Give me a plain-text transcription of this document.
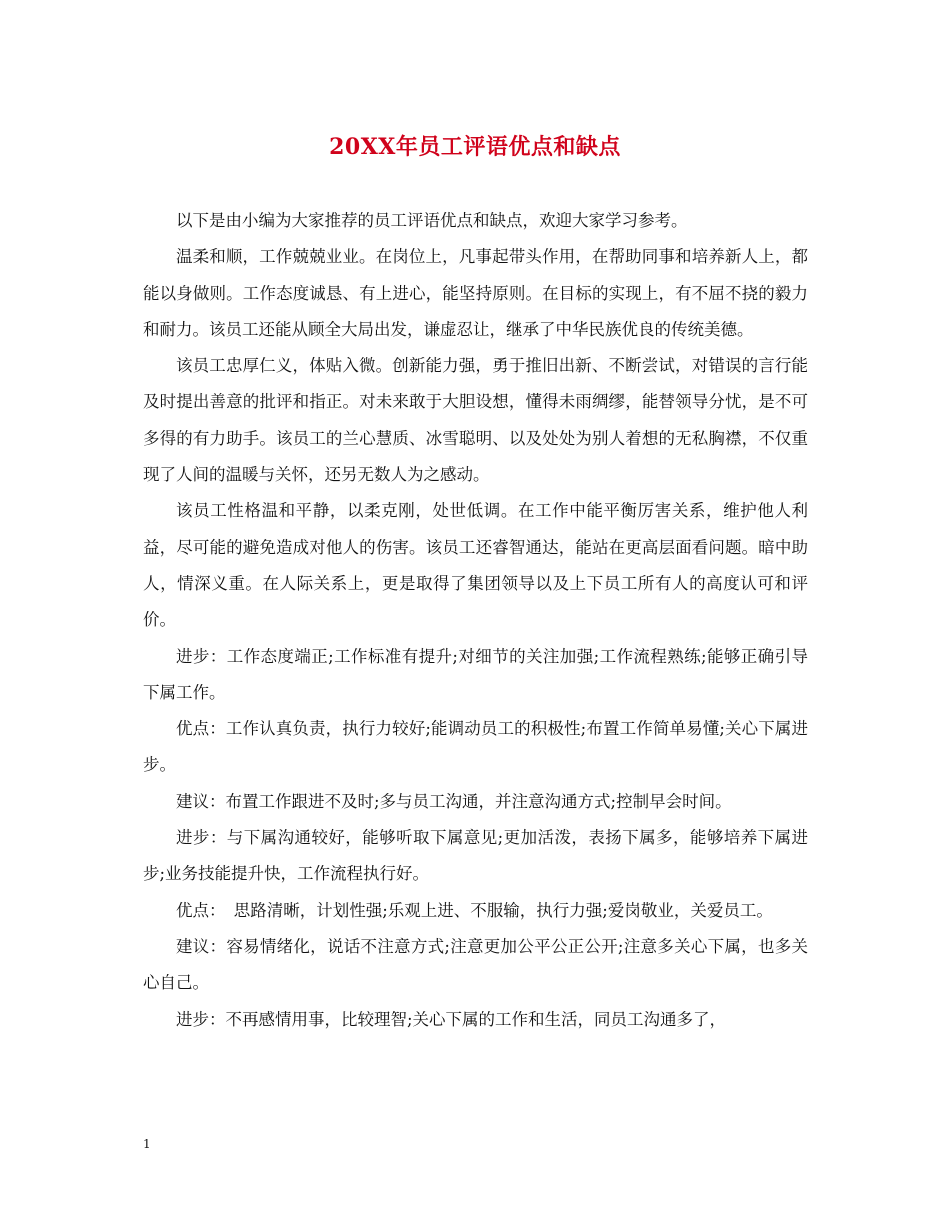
20XX年员工评语优点和缺点

以下是由小编为大家推荐的员工评语优点和缺点，欢迎大家学习参考。

温柔和顺，工作兢兢业业。在岗位上，凡事起带头作用，在帮助同事和培养新人上，都能以身做则。工作态度诚恳、有上进心，能坚持原则。在目标的实现上，有不屈不挠的毅力和耐力。该员工还能从顾全大局出发，谦虚忍让，继承了中华民族优良的传统美德。

该员工忠厚仁义，体贴入微。创新能力强，勇于推旧出新、不断尝试，对错误的言行能及时提出善意的批评和指正。对未来敢于大胆设想，懂得未雨绸缪，能替领导分忧，是不可多得的有力助手。该员工的兰心慧质、冰雪聪明、以及处处为别人着想的无私胸襟，不仅重现了人间的温暖与关怀，还另无数人为之感动。

该员工性格温和平静，以柔克刚，处世低调。在工作中能平衡厉害关系，维护他人利益，尽可能的避免造成对他人的伤害。该员工还睿智通达，能站在更高层面看问题。暗中助人，情深义重。在人际关系上，更是取得了集团领导以及上下员工所有人的高度认可和评价。

进步：工作态度端正;工作标准有提升;对细节的关注加强;工作流程熟练;能够正确引导下属工作。

优点：工作认真负责，执行力较好;能调动员工的积极性;布置工作简单易懂;关心下属进步。

建议：布置工作跟进不及时;多与员工沟通，并注意沟通方式;控制早会时间。

进步：与下属沟通较好，能够听取下属意见;更加活泼，表扬下属多，能够培养下属进步;业务技能提升快，工作流程执行好。

优点：　思路清晰，计划性强;乐观上进、不服输，执行力强;爱岗敬业，关爱员工。

建议：容易情绪化，说话不注意方式;注意更加公平公正公开;注意多关心下属，也多关心自己。

进步：不再感情用事，比较理智;关心下属的工作和生活，同员工沟通多了，

1
